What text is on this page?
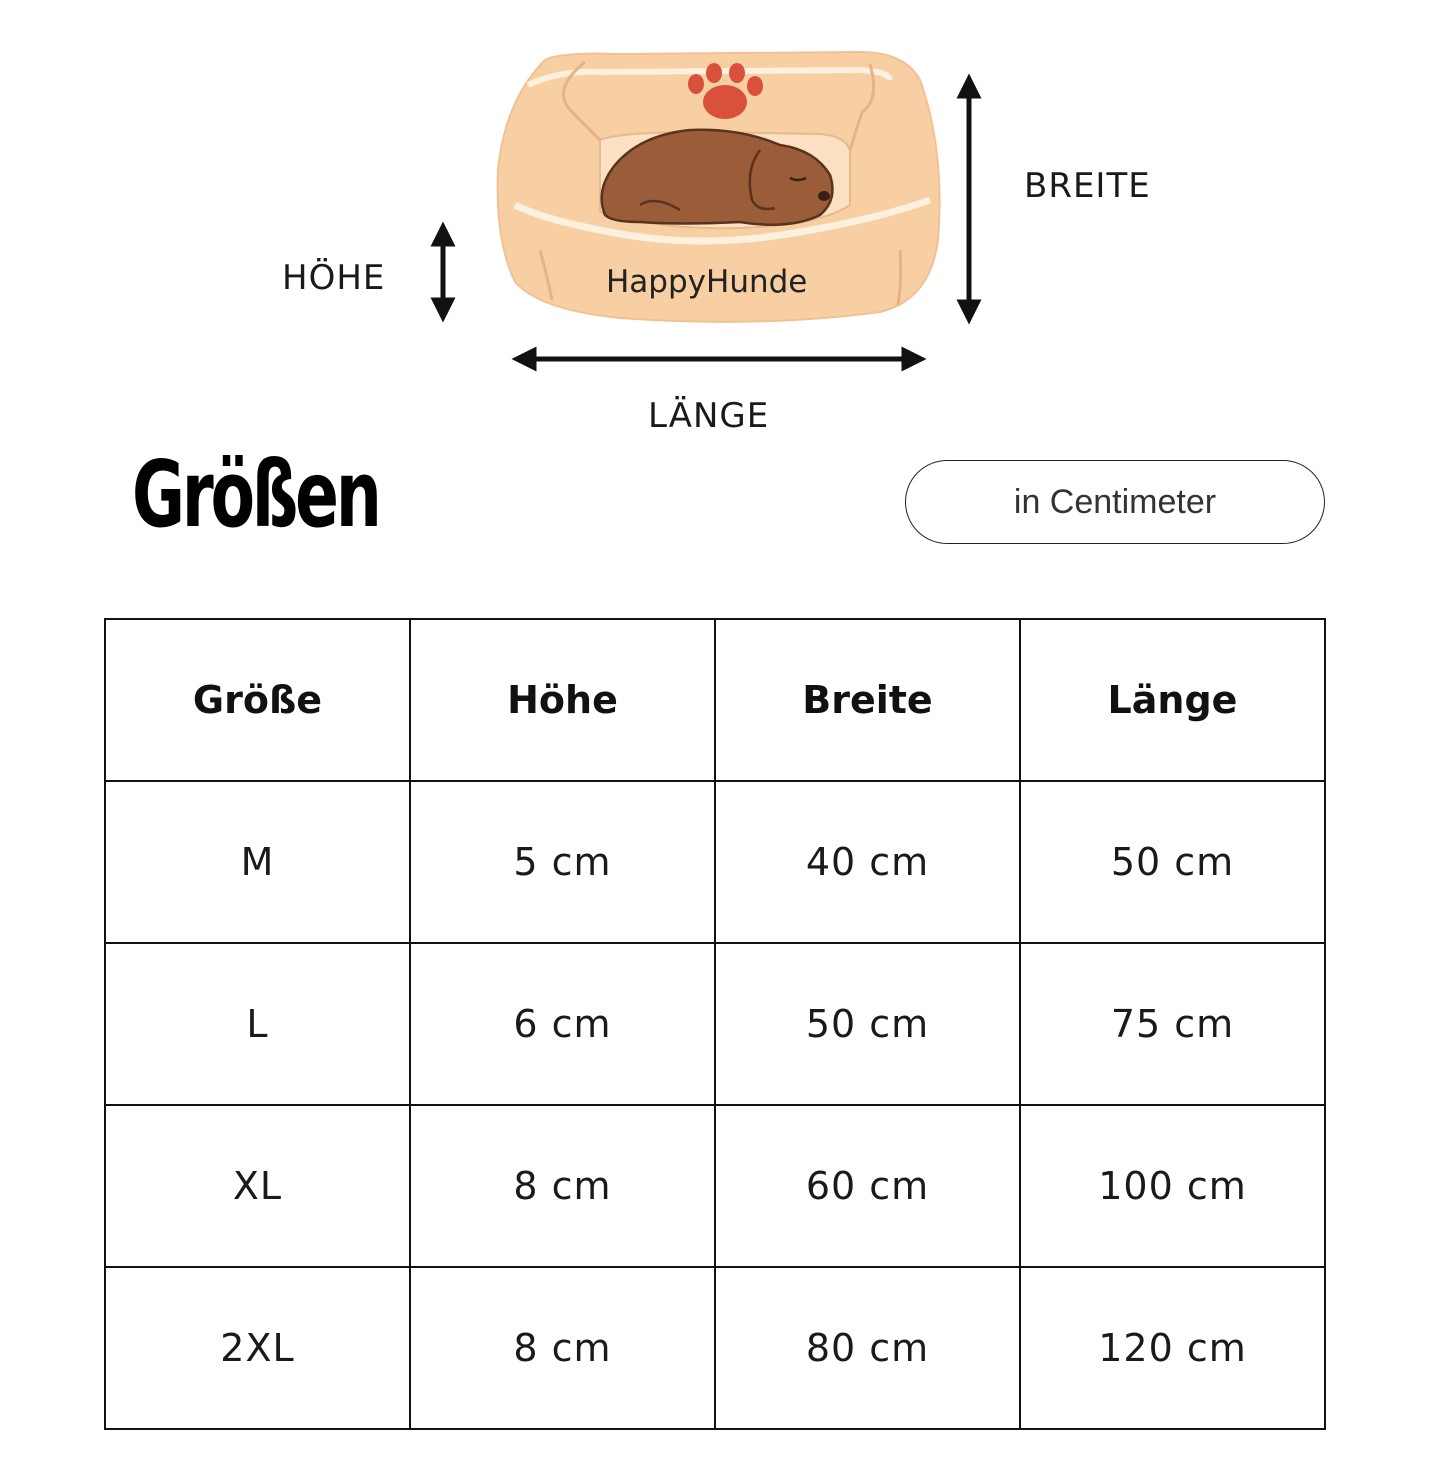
HappyHunde
BREITE
HÖHE
LÄNGE
Größen	in Centimeter
Größe	Höhe	Breite	Länge
M	5 cm	40 cm	50 cm
L	6 cm	50 cm	75 cm
XL	8 cm	60 cm	100 cm
2XL	8 cm	80 cm	120 cm
